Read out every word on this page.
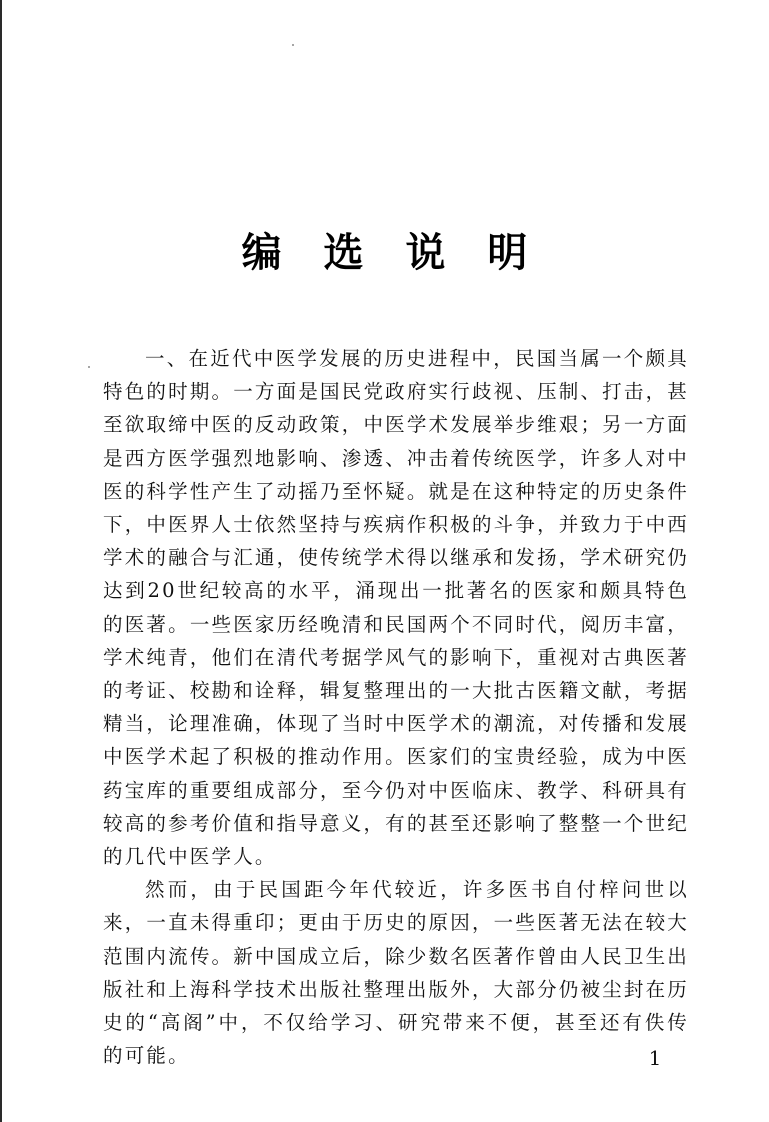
编 选 说 明

一、在近代中医学发展的历史进程中，民国当属一个颇具特色的时期。一方面是国民党政府实行歧视、压制、打击，甚至欲取缔中医的反动政策，中医学术发展举步维艰；另一方面是西方医学强烈地影响、渗透、冲击着传统医学，许多人对中医的科学性产生了动摇乃至怀疑。就是在这种特定的历史条件下，中医界人士依然坚持与疾病作积极的斗争，并致力于中西学术的融合与汇通，使传统学术得以继承和发扬，学术研究仍达到20世纪较高的水平，涌现出一批著名的医家和颇具特色的医著。一些医家历经晚清和民国两个不同时代，阅历丰富，学术纯青，他们在清代考据学风气的影响下，重视对古典医著的考证、校勘和诠释，辑复整理出的一大批古医籍文献，考据精当，论理准确，体现了当时中医学术的潮流，对传播和发展中医学术起了积极的推动作用。医家们的宝贵经验，成为中医药宝库的重要组成部分，至今仍对中医临床、教学、科研具有较高的参考价值和指导意义，有的甚至还影响了整整一个世纪的几代中医学人。

然而，由于民国距今年代较近，许多医书自付梓问世以来，一直未得重印；更由于历史的原因，一些医著无法在较大范围内流传。新中国成立后，除少数名医著作曾由人民卫生出版社和上海科学技术出版社整理出版外，大部分仍被尘封在历史的“高阁”中，不仅给学习、研究带来不便，甚至还有佚传的可能。	1
